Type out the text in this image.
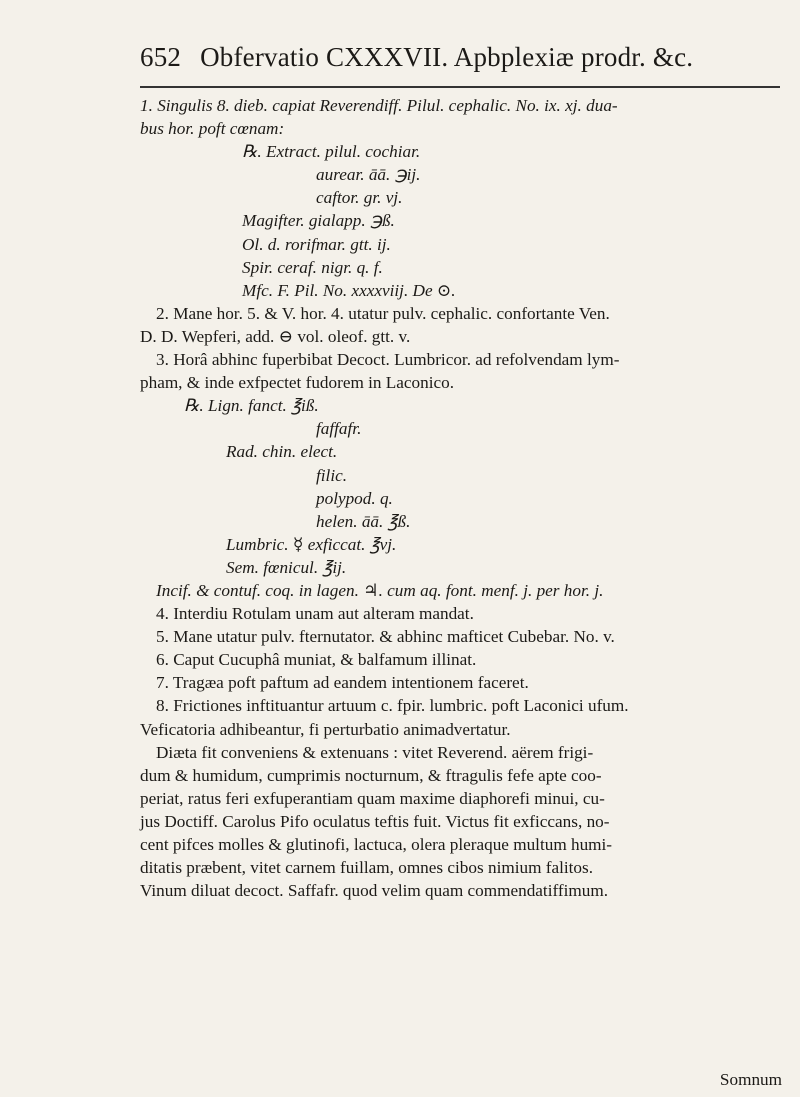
652 Obfervatio CXXXVII. Apbplexiæ prodr. &c.

1. Singulis 8. dieb. capiat Reverendiff. Pilul. cephalic. No. ix. xj. dua-

bus hor. poft cœnam:

℞. Extract. pilul. cochiar.

aurear. āā. ℈ij.

caftor. gr. vj.

Magifter. gialapp. ℈ß.

Ol. d. rorifmar. gtt. ij.

Spir. ceraf. nigr. q. f.

Mfc. F. Pil. No. xxxxviij. De ⊙.

2. Mane hor. 5. & V. hor. 4. utatur pulv. cephalic. confortante Ven.

D. D. Wepferi, add. ⊖ vol. oleof. gtt. v.

3. Horâ abhinc fuperbibat Decoct. Lumbricor. ad refolvendam lym-

pham, & inde exfpectet fudorem in Laconico.

℞. Lign. fanct. ℥iß.

faffafr.

Rad. chin. elect.

filic.

polypod. q.

helen. āā. ℥ß.

Lumbric. ☿ exficcat. ℥vj.

Sem. fœnicul. ℥ij.

Incif. & contuf. coq. in lagen. ♃. cum aq. font. menf. j. per hor. j.

4. Interdiu Rotulam unam aut alteram mandat.

5. Mane utatur pulv. fternutator. & abhinc mafticet Cubebar. No. v.

6. Caput Cucuphâ muniat, & balfamum illinat.

7. Tragæa poft paftum ad eandem intentionem faceret.

8. Frictiones inftituantur artuum c. fpir. lumbric. poft Laconici ufum.

Veficatoria adhibeantur, fi perturbatio animadvertatur.

Diæta fit conveniens & extenuans : vitet Reverend. aërem frigi-

dum & humidum, cumprimis nocturnum, & ftragulis fefe apte coo-

periat, ratus feri exfuperantiam quam maxime diaphorefi minui, cu-

jus Doctiff. Carolus Pifo oculatus teftis fuit. Victus fit exficcans, no-

cent pifces molles & glutinofi, lactuca, olera pleraque multum humi-

ditatis præbent, vitet carnem fuillam, omnes cibos nimium falitos.

Vinum diluat decoct. Saffafr. quod velim quam commendatiffimum.

Somnum
